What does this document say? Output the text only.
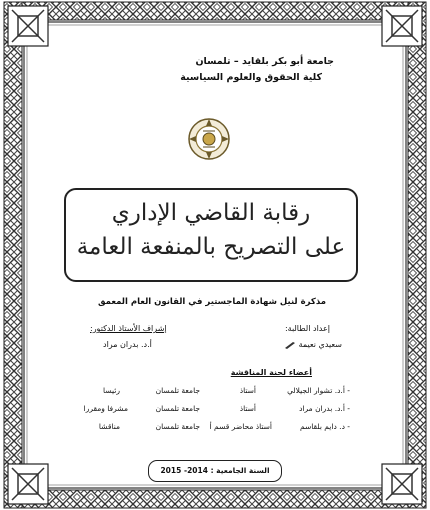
جامعة أبو بكر بلقايد – تلمسان
كلية الحقوق والعلوم السياسية
رقابة القاضي الإداري
على التصريح بالمنفعة العامة
مذكرة لنيل شهادة الماجستير في القانون العام المعمق
إعداد الطالبة:
سعيدي نعيمة
إشراف الأستاذ الدكتور:
أ.د. بدران مراد
أعضاء لجنة المناقشة
- أ.د. تشوار الجيلالي
أستاذ
جامعة تلمسان
رئيسا
- أ.د. بدران مراد
أستاذ
جامعة تلمسان
مشرفا ومقررا
- د. دايم بلقاسم
أستاذ محاضر قسم أ
جامعة تلمسان
مناقشا
السنة الجامعية : 2014- 2015
